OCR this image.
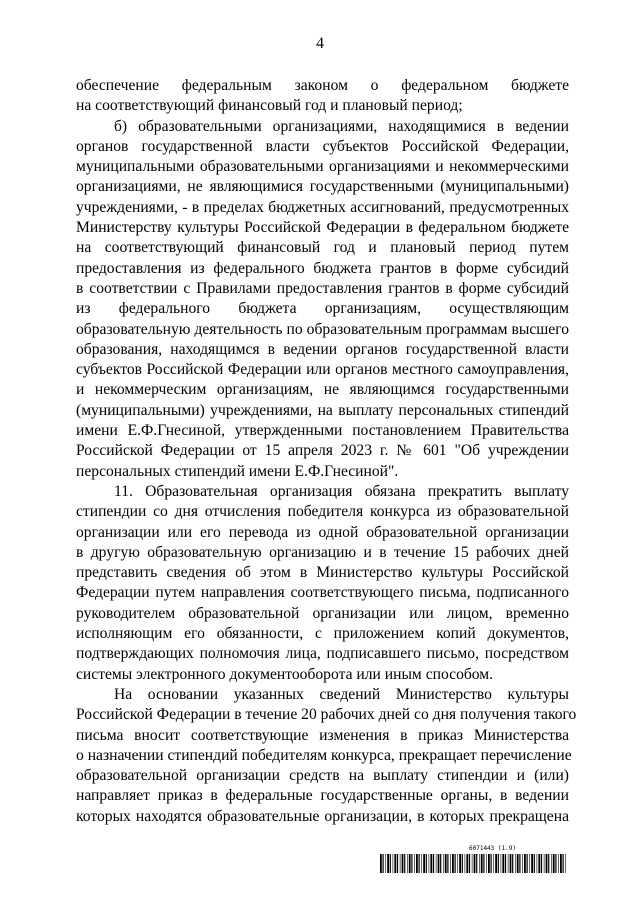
4
обеспечение федеральным законом о федеральном бюджете
на соответствующий финансовый год и плановый период;
б) образовательными организациями, находящимися в ведении
органов государственной власти субъектов Российской Федерации,
муниципальными образовательными организациями и некоммерческими
организациями, не являющимися государственными (муниципальными)
учреждениями, - в пределах бюджетных ассигнований, предусмотренных
Министерству культуры Российской Федерации в федеральном бюджете
на соответствующий финансовый год и плановый период путем
предоставления из федерального бюджета грантов в форме субсидий
в соответствии с Правилами предоставления грантов в форме субсидий
из федерального бюджета организациям, осуществляющим
образовательную деятельность по образовательным программам высшего
образования, находящимся в ведении органов государственной власти
субъектов Российской Федерации или органов местного самоуправления,
и некоммерческим организациям, не являющимся государственными
(муниципальными) учреждениями, на выплату персональных стипендий
имени Е.Ф.Гнесиной, утвержденными постановлением Правительства
Российской Федерации от 15 апреля 2023 г. № 601 "Об учреждении
персональных стипендий имени Е.Ф.Гнесиной".
11. Образовательная организация обязана прекратить выплату
стипендии со дня отчисления победителя конкурса из образовательной
организации или его перевода из одной образовательной организации
в другую образовательную организацию и в течение 15 рабочих дней
представить сведения об этом в Министерство культуры Российской
Федерации путем направления соответствующего письма, подписанного
руководителем образовательной организации или лицом, временно
исполняющим его обязанности, с приложением копий документов,
подтверждающих полномочия лица, подписавшего письмо, посредством
системы электронного документооборота или иным способом.
На основании указанных сведений Министерство культуры
Российской Федерации в течение 20 рабочих дней со дня получения такого
письма вносит соответствующие изменения в приказ Министерства
о назначении стипендий победителям конкурса, прекращает перечисление
образовательной организации средств на выплату стипендии и (или)
направляет приказ в федеральные государственные органы, в ведении
которых находятся образовательные организации, в которых прекращена
6071443 (1.9)
